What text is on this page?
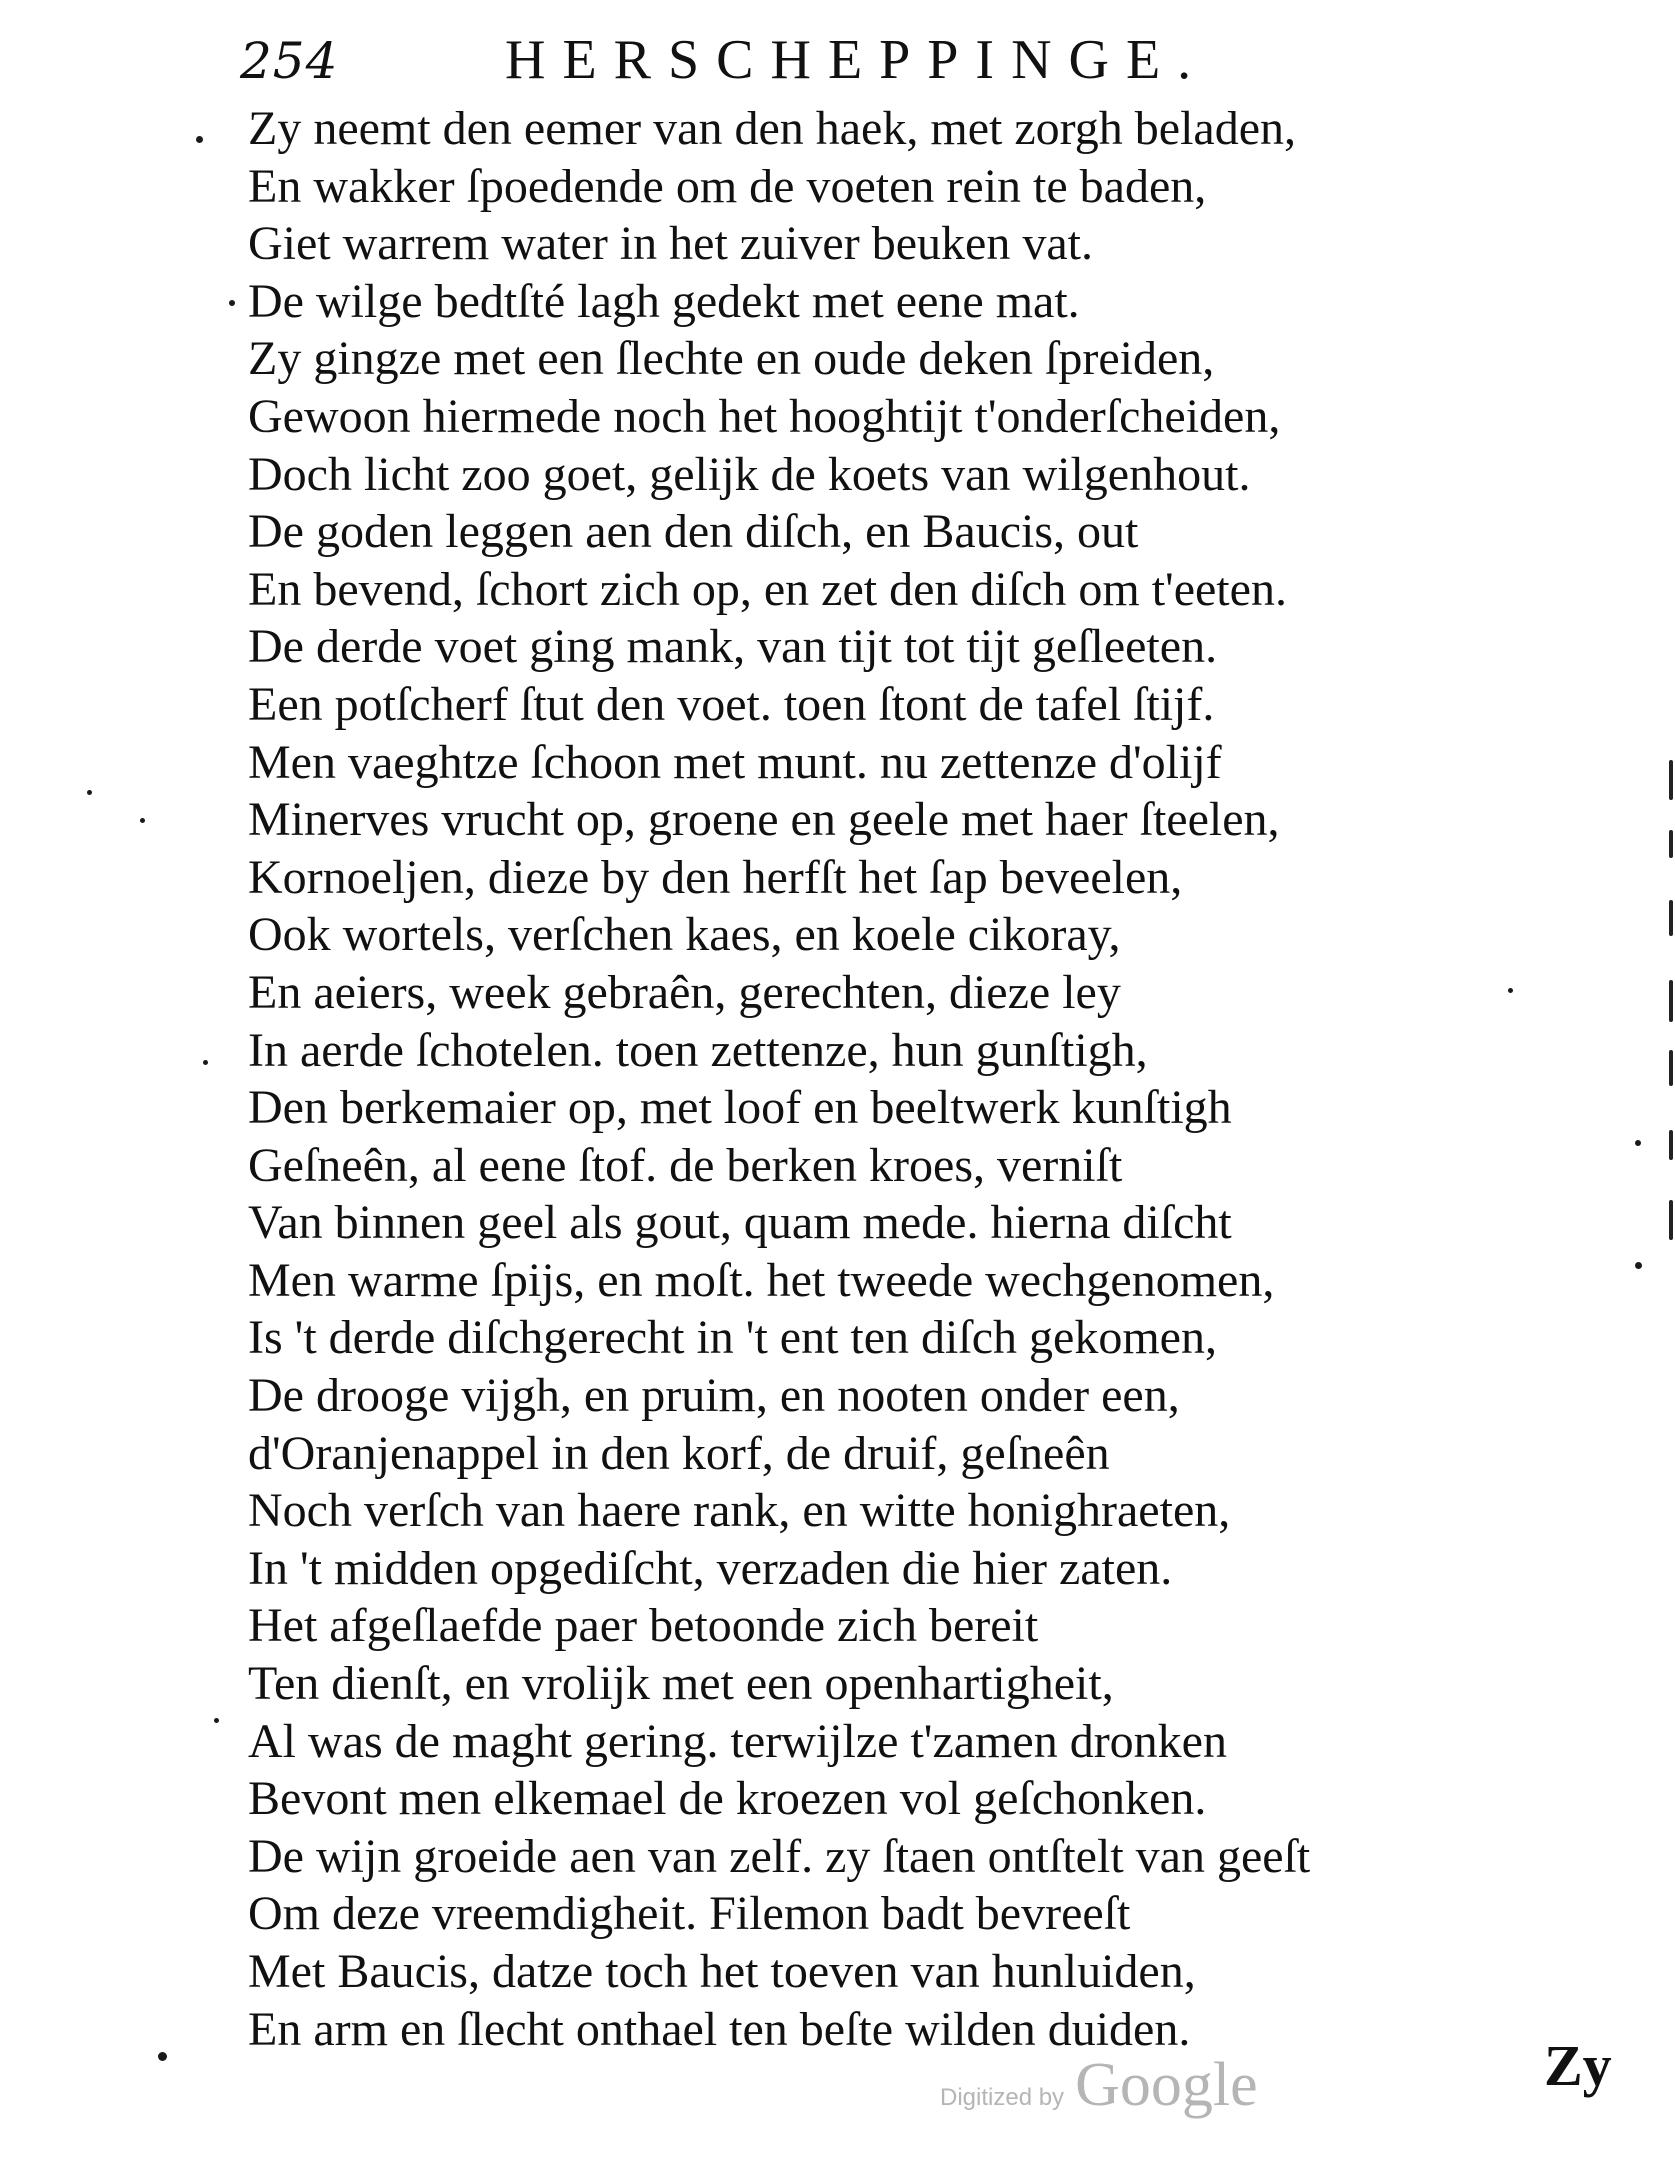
254	HERSCHEPPINGE.
Zy neemt den eemer van den haek, met zorgh beladen,
En wakker ſpoedende om de voeten rein te baden,
Giet warrem water in het zuiver beuken vat.
De wilge bedtſté lagh gedekt met eene mat.
Zy gingze met een ſlechte en oude deken ſpreiden,
Gewoon hiermede noch het hooghtijt t'onderſcheiden,
Doch licht zoo goet, gelijk de koets van wilgenhout.
De goden leggen aen den diſch, en Baucis, out
En bevend, ſchort zich op, en zet den diſch om t'eeten.
De derde voet ging mank, van tijt tot tijt geſleeten.
Een potſcherf ſtut den voet. toen ſtont de tafel ſtijf.
Men vaeghtze ſchoon met munt. nu zettenze d'olijf
Minerves vrucht op, groene en geele met haer ſteelen,
Kornoeljen, dieze by den herfſt het ſap beveelen,
Ook wortels, verſchen kaes, en koele cikoray,
En aeiers, week gebraên, gerechten, dieze ley
In aerde ſchotelen. toen zettenze, hun gunſtigh,
Den berkemaier op, met loof en beeltwerk kunſtigh
Geſneên, al eene ſtof. de berken kroes, verniſt
Van binnen geel als gout, quam mede. hierna diſcht
Men warme ſpijs, en moſt. het tweede wechgenomen,
Is 't derde diſchgerecht in 't ent ten diſch gekomen,
De drooge vijgh, en pruim, en nooten onder een,
d'Oranjenappel in den korf, de druif, geſneên
Noch verſch van haere rank, en witte honighraeten,
In 't midden opgediſcht, verzaden die hier zaten.
Het afgeſlaefde paer betoonde zich bereit
Ten dienſt, en vrolijk met een openhartigheit,
Al was de maght gering. terwijlze t'zamen dronken
Bevont men elkemael de kroezen vol geſchonken.
De wijn groeide aen van zelf. zy ſtaen ontſtelt van geeſt
Om deze vreemdigheit. Filemon badt bevreeſt
Met Baucis, datze toch het toeven van hunluiden,
En arm en ſlecht onthael ten beſte wilden duiden.
Zy
Digitized by Google
